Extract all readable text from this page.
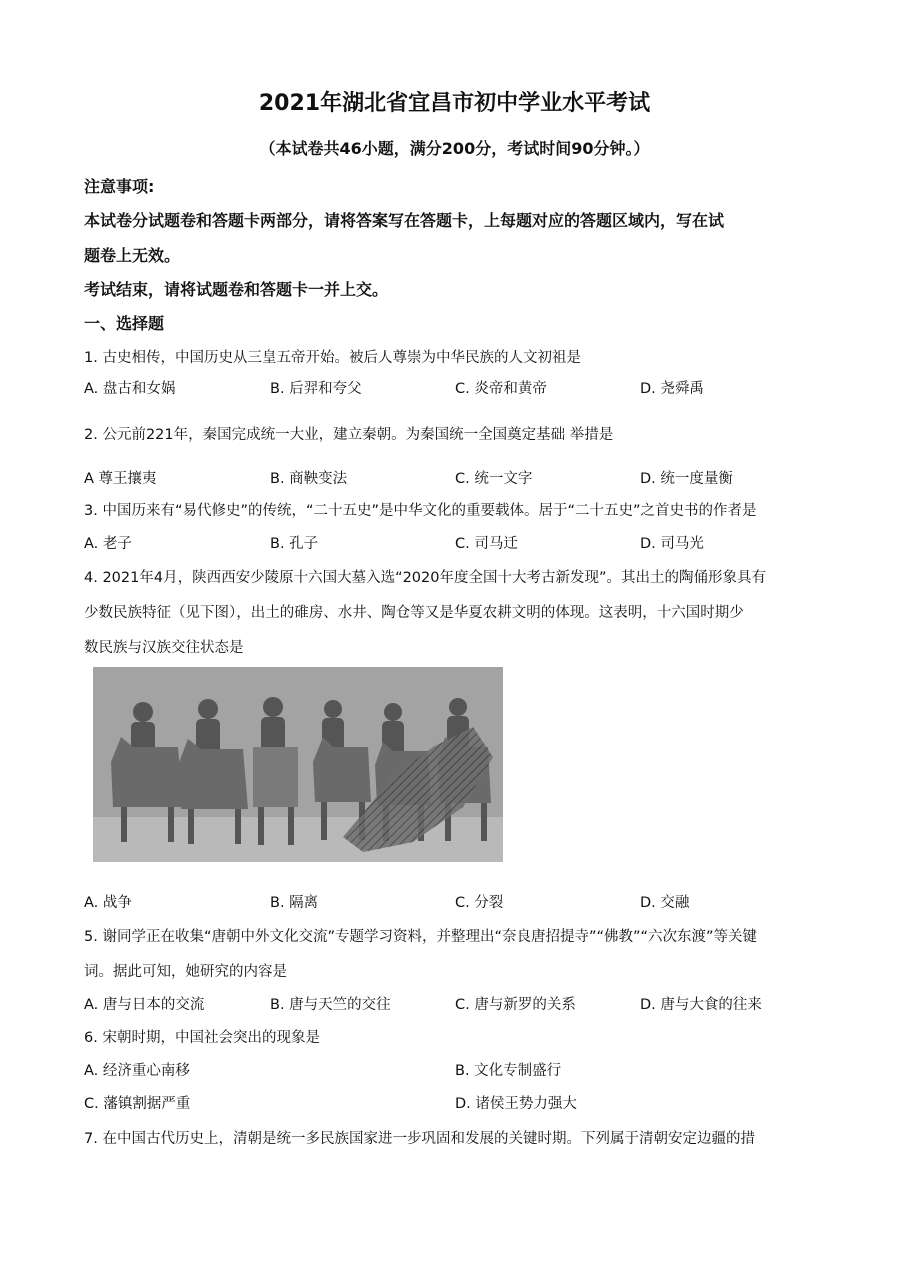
2021年湖北省宜昌市初中学业水平考试
（本试卷共46小题，满分200分，考试时间90分钟。）
注意事项:
本试卷分试题卷和答题卡两部分，请将答案写在答题卡，上每题对应的答题区域内，写在试
题卷上无效。
考试结束，请将试题卷和答题卡一并上交。
一、选择题
1. 古史相传，中国历史从三皇五帝开始。被后人尊崇为中华民族的人文初祖是
A. 盘古和女娲	B. 后羿和夸父	C. 炎帝和黄帝	D. 尧舜禹
2. 公元前221年，秦国完成统一大业，建立秦朝。为秦国统一全国奠定基础 举措是
A 尊王攘夷	B. 商鞅变法	C. 统一文字	D. 统一度量衡
3. 中国历来有“易代修史”的传统，“二十五史”是中华文化的重要载体。居于“二十五史”之首史书的作者是
A. 老子	B. 孔子	C. 司马迁	D. 司马光
4. 2021年4月，陕西西安少陵原十六国大墓入选“2020年度全国十大考古新发现”。其出土的陶俑形象具有
少数民族特征（见下图），出土的碓房、水井、陶仓等又是华夏农耕文明的体现。这表明，十六国时期少
数民族与汉族交往状态是
A. 战争	B. 隔离	C. 分裂	D. 交融
5. 谢同学正在收集“唐朝中外文化交流”专题学习资料，并整理出“奈良唐招提寺”“佛教”“六次东渡”等关键
词。据此可知，她研究的内容是
A. 唐与日本的交流	B. 唐与天竺的交往	C. 唐与新罗的关系	D. 唐与大食的往来
6. 宋朝时期，中国社会突出的现象是
A. 经济重心南移	B. 文化专制盛行
C. 藩镇割据严重	D. 诸侯王势力强大
7. 在中国古代历史上，清朝是统一多民族国家进一步巩固和发展的关键时期。下列属于清朝安定边疆的措
